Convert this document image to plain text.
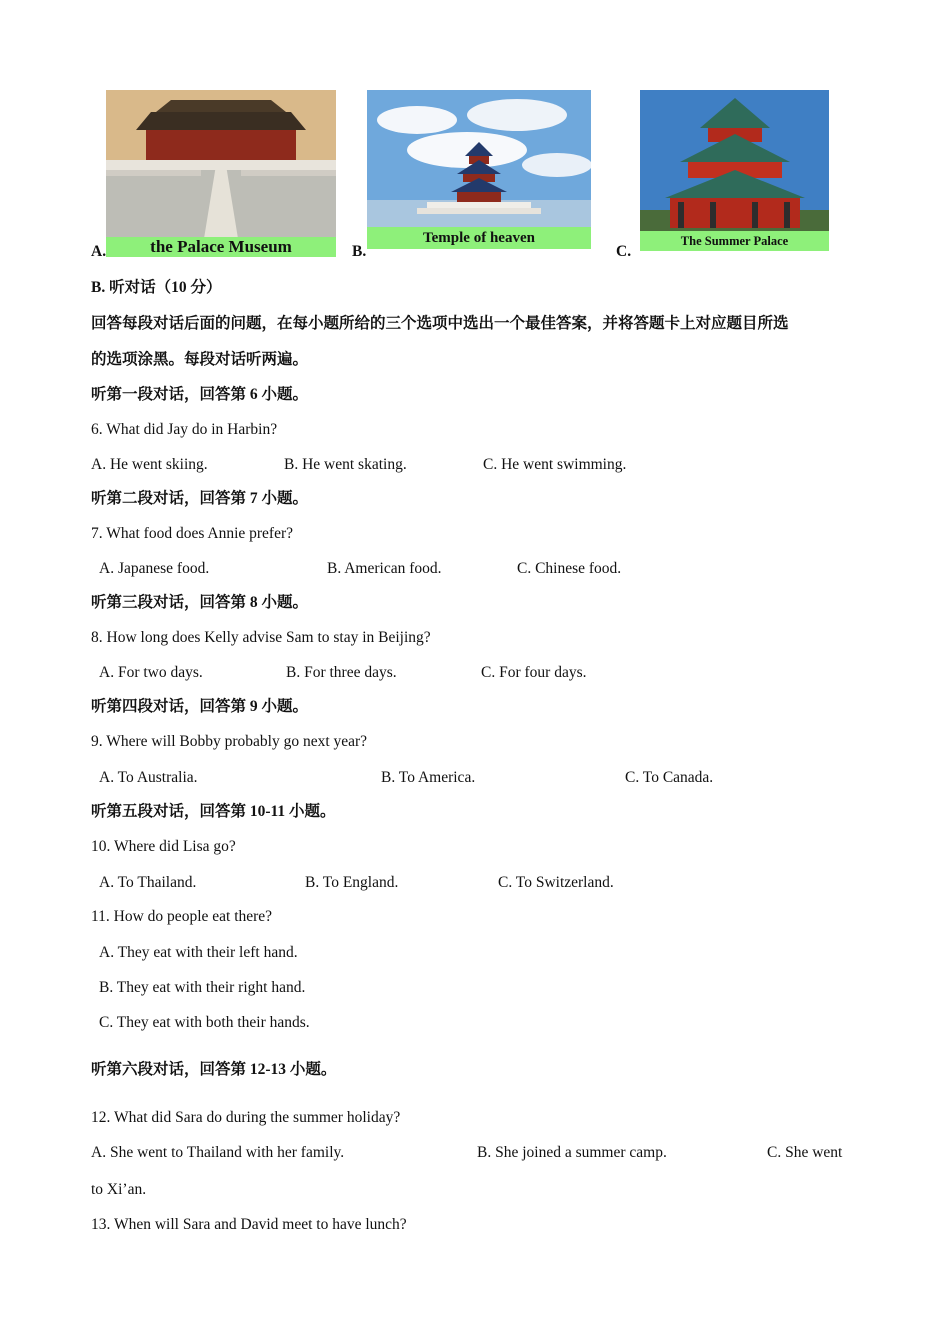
the Palace Museum
A.
Temple of heaven
B.
The Summer Palace
C.
B. 听对话（10 分）
回答每段对话后面的问题，在每小题所给的三个选项中选出一个最佳答案，并将答题卡上对应题目所选
的选项涂黑。每段对话听两遍。
听第一段对话，回答第 6 小题。
6. What did Jay do in Harbin?
A. He went skiing.	B. He went skating.	C. He went swimming.
听第二段对话，回答第 7 小题。
7. What food does Annie prefer?
A. Japanese food.	B. American food.	C. Chinese food.
听第三段对话，回答第 8 小题。
8. How long does Kelly advise Sam to stay in Beijing?
A. For two days.	B. For three days.	C. For four days.
听第四段对话，回答第 9 小题。
9. Where will Bobby probably go next year?
A. To Australia.	B. To America.	C. To Canada.
听第五段对话，回答第 10-11 小题。
10. Where did Lisa go?
A. To Thailand.	B. To England.	C. To Switzerland.
11. How do people eat there?
A. They eat with their left hand.
B. They eat with their right hand.
C. They eat with both their hands.
听第六段对话，回答第 12-13 小题。
12. What did Sara do during the summer holiday?
A. She went to Thailand with her family.	B. She joined a summer camp.	C. She went
to Xi’an.
13. When will Sara and David meet to have lunch?
